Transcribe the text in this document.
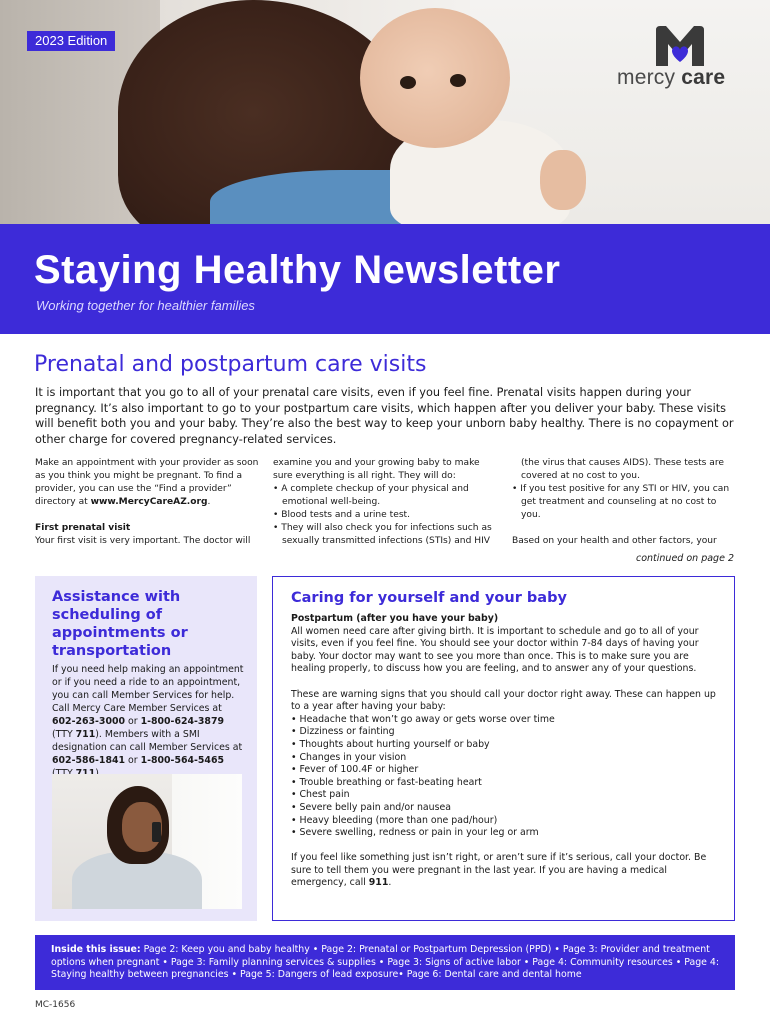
2023 Edition
mercy care
Staying Healthy Newsletter
Working together for healthier families
Prenatal and postpartum care visits
It is important that you go to all of your prenatal care visits, even if you feel fine. Prenatal visits happen during your pregnancy. It’s also important to go to your postpartum care visits, which happen after you deliver your baby. These visits will benefit both you and your baby. They’re also the best way to keep your unborn baby healthy. There is no copayment or other charge for covered pregnancy-related services.

Make an appointment with your provider as soon as you think you might be pregnant. To find a provider, you can use the “Find a provider” directory at www.MercyCareAZ.org.

First prenatal visit

Your first visit is very important. The doctor will

examine you and your growing baby to make sure everything is all right. They will do:

• A complete checkup of your physical and emotional well-being.
• Blood tests and a urine test.
• They will also check you for infections such as sexually transmitted infections (STIs) and HIV

(the virus that causes AIDS). These tests are covered at no cost to you.

• If you test positive for any STI or HIV, you can get treatment and counseling at no cost to you.

Based on your health and other factors, your

continued on page 2
Assistance with scheduling of appointments or transportation
If you need help making an appointment or if you need a ride to an appointment, you can call Member Services for help. Call Mercy Care Member Services at 602-263-3000 or 1-800-624-3879 (TTY 711). Members with a SMI designation can call Member Services at 602-586-1841 or 1-800-564-5465
Caring for yourself and your baby

Postpartum (after you have your baby)

All women need care after giving birth. It is important to schedule and go to all of your visits, even if you feel fine. You should see your doctor within 7-84 days of having your baby. Your doctor may want to see you more than once. This is to make sure you are healing properly, to discuss how you are feeling, and to answer any of your questions.

These are warning signs that you should call your doctor right away. These can happen up to a year after having your baby:

• Headache that won’t go away or gets worse over time
• Dizziness or fainting
• Thoughts about hurting yourself or baby
• Changes in your vision
• Fever of 100.4F or higher
• Trouble breathing or fast-beating heart
• Chest pain
• Severe belly pain and/or nausea
• Heavy bleeding (more than one pad/hour)
• Severe swelling, redness or pain in your leg or arm

If you feel like something just isn’t right, or aren’t sure if it’s serious, call your doctor. Be sure to tell them you were pregnant in the last year. If you are having a medical emergency, call 911.

Inside this issue: Page 2: Keep you and baby healthy • Page 2: Prenatal or Postpartum Depression (PPD) • Page 3: Provider and treatment options when pregnant • Page 3: Family planning services & supplies • Page 3: Signs of active labor • Page 4: Community resources • Page 4: Staying healthy between pregnancies • Page 5: Dangers of lead exposure• Page 6: Dental care and dental home
MC-1656
